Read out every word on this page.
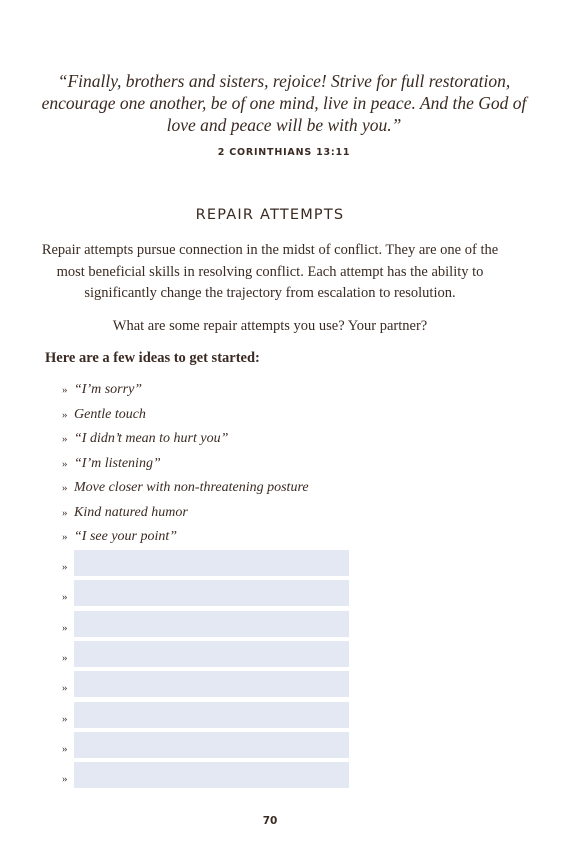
“Finally, brothers and sisters, rejoice! Strive for full restoration, encourage one another, be of one mind, live in peace. And the God of love and peace will be with you.”
2 CORINTHIANS 13:11
REPAIR ATTEMPTS
Repair attempts pursue connection in the midst of conflict. They are one of the most beneficial skills in resolving conflict. Each attempt has the ability to significantly change the trajectory from escalation to resolution.
What are some repair attempts you use? Your partner?
Here are a few ideas to get started:
» “I’m sorry”
» Gentle touch
» “I didn’t mean to hurt you”
» “I’m listening”
» Move closer with non-threatening posture
» Kind natured humor
» “I see your point”
»
»
»
»
»
»
»
»
70
